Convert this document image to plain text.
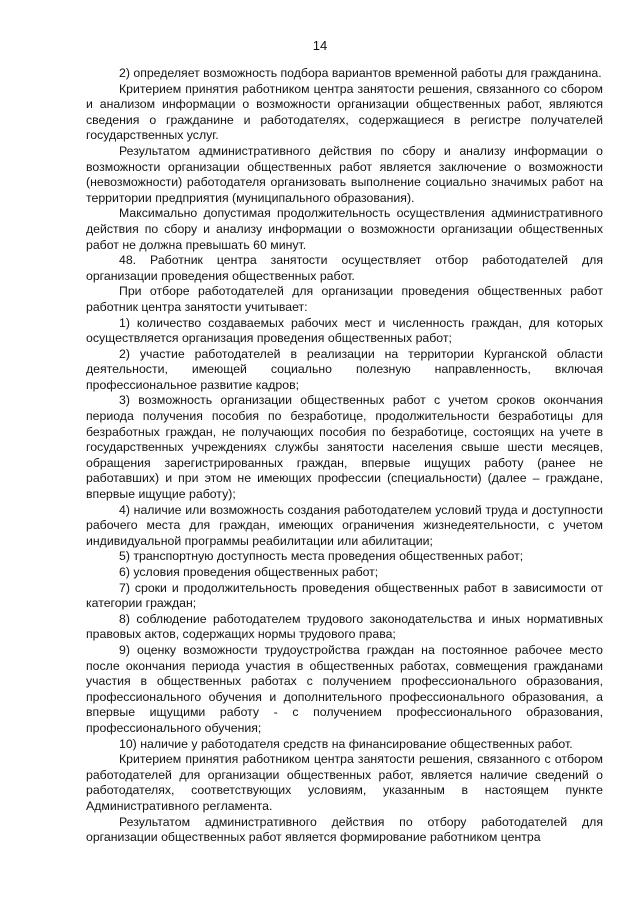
14

2) определяет возможность подбора вариантов временной работы для гражданина.

Критерием принятия работником центра занятости решения, связанного со сбором и анализом информации о возможности организации общественных работ, являются сведения о гражданине и работодателях, содержащиеся в регистре получателей государственных услуг.

Результатом административного действия по сбору и анализу информации о возможности организации общественных работ является заключение о возможности (невозможности) работодателя организовать выполнение социально значимых работ на территории предприятия (муниципального образования).

Максимально допустимая продолжительность осуществления административного действия по сбору и анализу информации о возможности организации общественных работ не должна превышать 60 минут.

48. Работник центра занятости осуществляет отбор работодателей для организации проведения общественных работ.

При отборе работодателей для организации проведения общественных работ работник центра занятости учитывает:

1) количество создаваемых рабочих мест и численность граждан, для которых осуществляется организация проведения общественных работ;

2) участие работодателей в реализации на территории Курганской области деятельности, имеющей социально полезную направленность, включая профессиональное развитие кадров;

3) возможность организации общественных работ с учетом сроков окончания периода получения пособия по безработице, продолжительности безработицы для безработных граждан, не получающих пособия по безработице, состоящих на учете в государственных учреждениях службы занятости населения свыше шести месяцев, обращения зарегистрированных граждан, впервые ищущих работу (ранее не работавших) и при этом не имеющих профессии (специальности) (далее – граждане, впервые ищущие работу);

4) наличие или возможность создания работодателем условий труда и доступности рабочего места для граждан, имеющих ограничения жизнедеятельности, с учетом индивидуальной программы реабилитации или абилитации;

5) транспортную доступность места проведения общественных работ;

6) условия проведения общественных работ;

7) сроки и продолжительность проведения общественных работ в зависимости от категории граждан;

8) соблюдение работодателем трудового законодательства и иных нормативных правовых актов, содержащих нормы трудового права;

9) оценку возможности трудоустройства граждан на постоянное рабочее место после окончания периода участия в общественных работах, совмещения гражданами участия в общественных работах с получением профессионального образования, профессионального обучения и дополнительного профессионального образования, а впервые ищущими работу - с получением профессионального образования, профессионального обучения;

10) наличие у работодателя средств на финансирование общественных работ.

Критерием принятия работником центра занятости решения, связанного с отбором работодателей для организации общественных работ, является наличие сведений о работодателях, соответствующих условиям, указанным в настоящем пункте Административного регламента.

Результатом административного действия по отбору работодателей для организации общественных работ является формирование работником центра
